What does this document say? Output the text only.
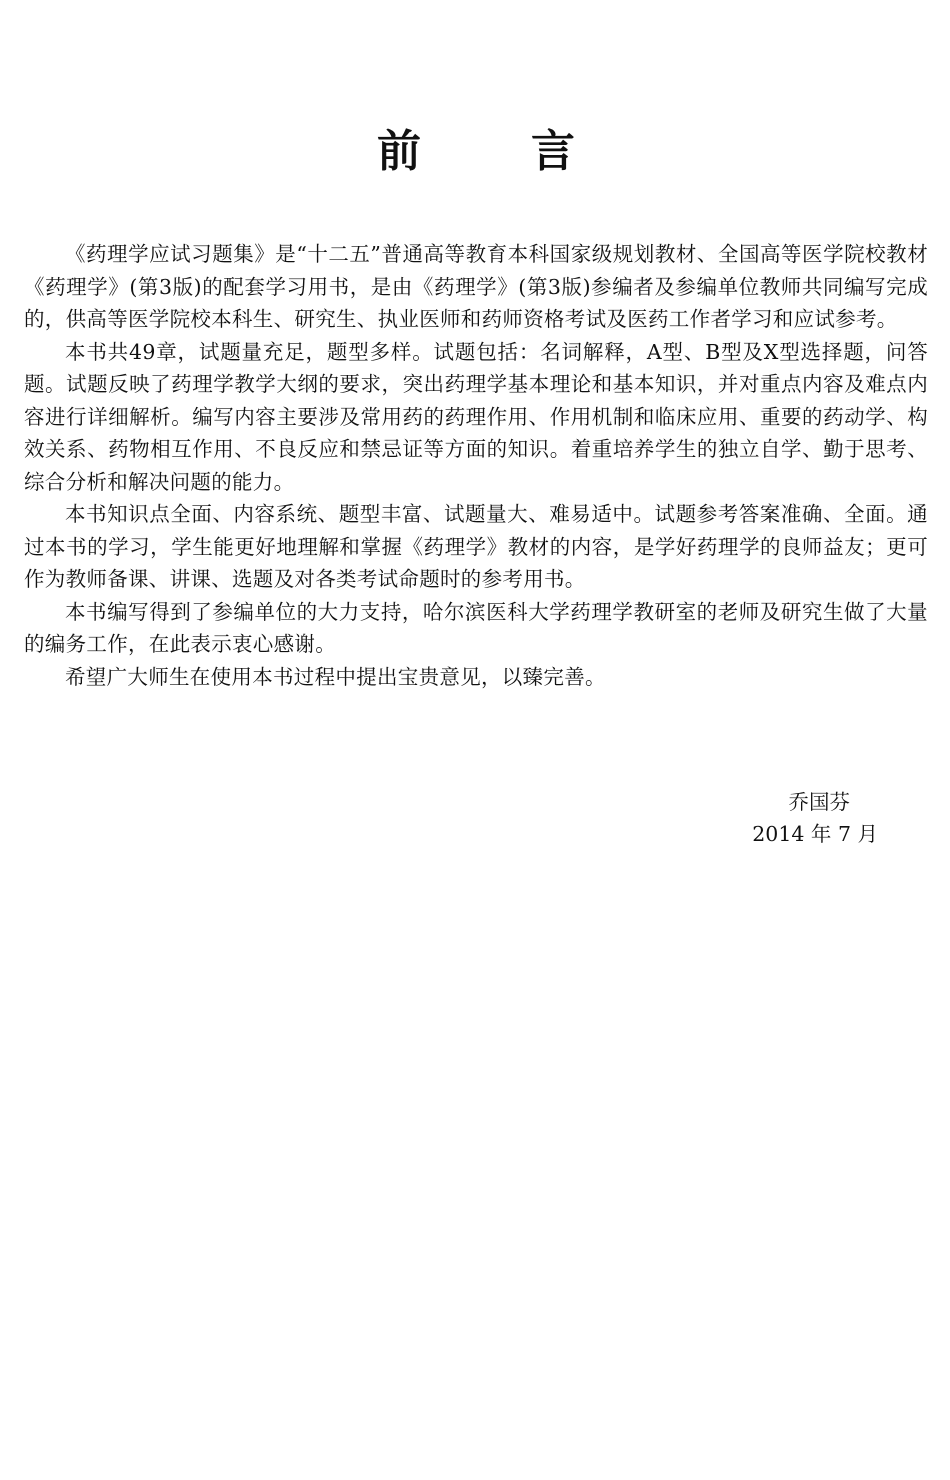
前言

《药理学应试习题集》是“十二五”普通高等教育本科国家级规划教材、全国高等医学院校教材《药理学》(第3版)的配套学习用书，是由《药理学》(第3版)参编者及参编单位教师共同编写完成的，供高等医学院校本科生、研究生、执业医师和药师资格考试及医药工作者学习和应试参考。

本书共49章，试题量充足，题型多样。试题包括：名词解释，A型、B型及X型选择题，问答题。试题反映了药理学教学大纲的要求，突出药理学基本理论和基本知识，并对重点内容及难点内容进行详细解析。编写内容主要涉及常用药的药理作用、作用机制和临床应用、重要的药动学、构效关系、药物相互作用、不良反应和禁忌证等方面的知识。着重培养学生的独立自学、勤于思考、综合分析和解决问题的能力。

本书知识点全面、内容系统、题型丰富、试题量大、难易适中。试题参考答案准确、全面。通过本书的学习，学生能更好地理解和掌握《药理学》教材的内容，是学好药理学的良师益友；更可作为教师备课、讲课、选题及对各类考试命题时的参考用书。

本书编写得到了参编单位的大力支持，哈尔滨医科大学药理学教研室的老师及研究生做了大量的编务工作，在此表示衷心感谢。

希望广大师生在使用本书过程中提出宝贵意见，以臻完善。

乔国芬
2014 年 7 月
